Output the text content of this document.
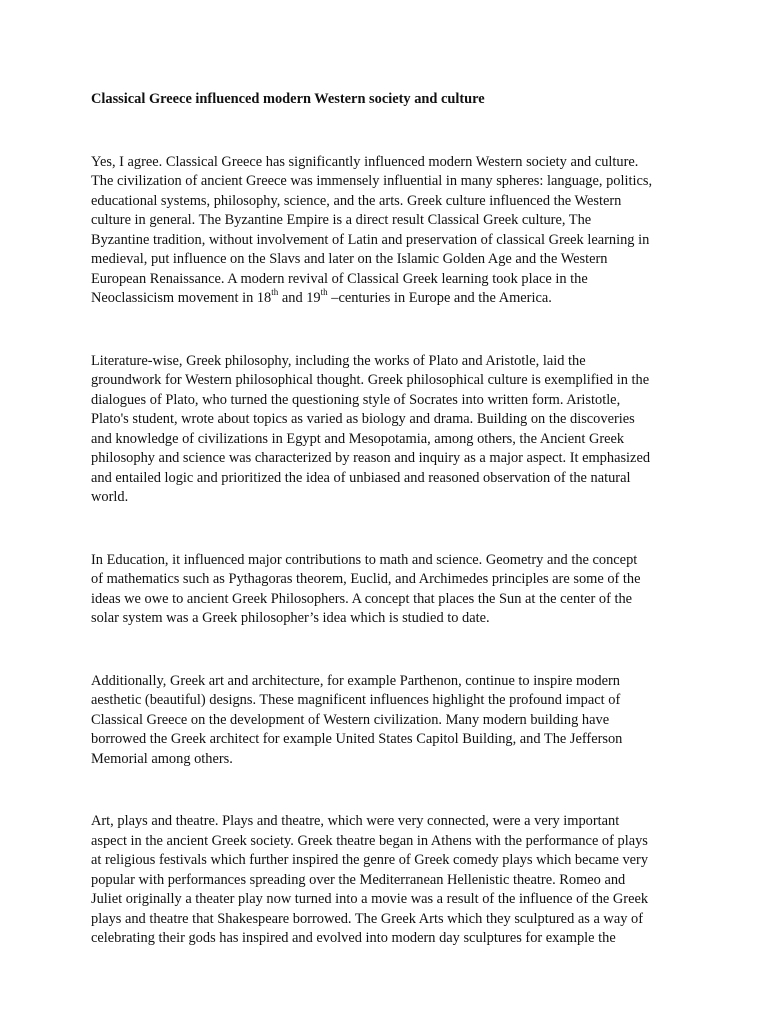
Classical Greece influenced modern Western society and culture
Yes, I agree. Classical Greece has significantly influenced modern Western society and culture.
The civilization of ancient Greece was immensely influential in many spheres: language, politics,
educational systems, philosophy, science, and the arts. Greek culture influenced the Western
culture in general. The Byzantine Empire is a direct result Classical Greek culture, The
Byzantine tradition, without involvement of Latin and preservation of classical Greek learning in
medieval, put influence on the Slavs and later on the Islamic Golden Age and the Western
European Renaissance. A modern revival of Classical Greek learning took place in the
Neoclassicism movement in 18th and 19th –centuries in Europe and the America.
Literature-wise, Greek philosophy, including the works of Plato and Aristotle, laid the
groundwork for Western philosophical thought. Greek philosophical culture is exemplified in the
dialogues of Plato, who turned the questioning style of Socrates into written form. Aristotle,
Plato's student, wrote about topics as varied as biology and drama. Building on the discoveries
and knowledge of civilizations in Egypt and Mesopotamia, among others, the Ancient Greek
philosophy and science was characterized by reason and inquiry as a major aspect. It emphasized
and entailed logic and prioritized the idea of unbiased and reasoned observation of the natural
world.
In Education, it influenced major contributions to math and science. Geometry and the concept
of mathematics such as Pythagoras theorem, Euclid, and Archimedes principles are some of the
ideas we owe to ancient Greek Philosophers. A concept that places the Sun at the center of the
solar system was a Greek philosopher’s idea which is studied to date.
Additionally, Greek art and architecture, for example Parthenon, continue to inspire modern
aesthetic (beautiful) designs. These magnificent influences highlight the profound impact of
Classical Greece on the development of Western civilization. Many modern building have
borrowed the Greek architect for example United States Capitol Building, and The Jefferson
Memorial among others.
Art, plays and theatre. Plays and theatre, which were very connected, were a very important
aspect in the ancient Greek society. Greek theatre began in Athens with the performance of plays
at religious festivals which further inspired the genre of Greek comedy plays which became very
popular with performances spreading over the Mediterranean Hellenistic theatre. Romeo and
Juliet originally a theater play now turned into a movie was a result of the influence of the Greek
plays and theatre that Shakespeare borrowed. The Greek Arts which they sculptured as a way of
celebrating their gods has inspired and evolved into modern day sculptures for example the
